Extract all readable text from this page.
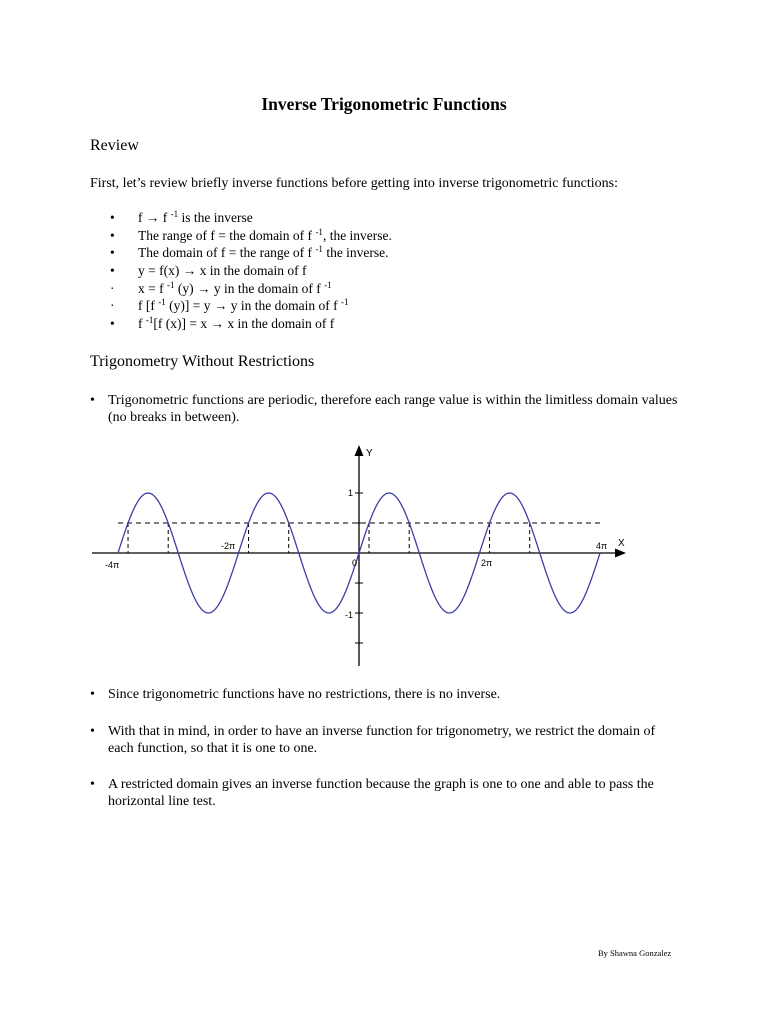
Inverse Trigonometric Functions
Review
First, let’s review briefly inverse functions before getting into inverse trigonometric functions:
• f → f $^{-1}$ is the inverse
• The range of f = the domain of f $^{-1}$, the inverse.
• The domain of f = the range of f $^{-1}$ the inverse.
• y = f(x) → x in the domain of f
· x = f $^{-1}$ (y) → y in the domain of f $^{-1}$
· f [f $^{-1}$ (y)] = y → y in the domain of f $^{-1}$
• f $^{-1}$[f (x)] = x → x in the domain of f
Trigonometry Without Restrictions
• Trigonometric functions are periodic, therefore each range value is within the limitless domain values (no breaks in between).
-4π
-2π
0	2π
4π
1
-1
Y
X
• Since trigonometric functions have no restrictions, there is no inverse.
• With that in mind, in order to have an inverse function for trigonometry, we restrict the domain of each function, so that it is one to one.
• A restricted domain gives an inverse function because the graph is one to one and able to pass the horizontal line test.
By Shawna Gonzalez
